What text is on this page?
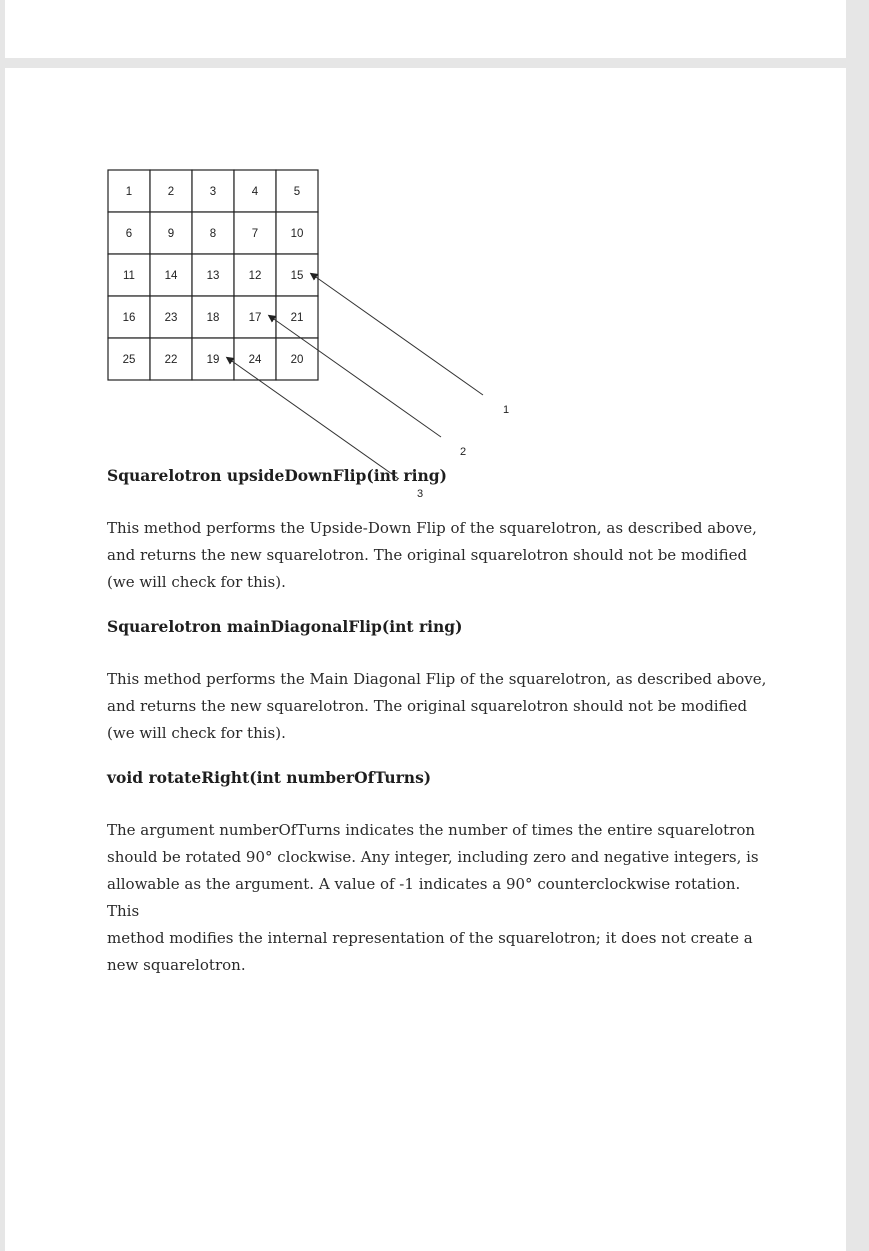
1	2	3	4	5
6	9	8	7	10
11	14	13	12	15
16	23	18	17	21
25	22	19	24	20
1
2
3

Squarelotron upsideDownFlip(int ring)

This method performs the Upside-Down Flip of the squarelotron, as described above,
and returns the new squarelotron. The original squarelotron should not be modified
(we will check for this).

Squarelotron mainDiagonalFlip(int ring)

This method performs the Main Diagonal Flip of the squarelotron, as described above,
and returns the new squarelotron. The original squarelotron should not be modified
(we will check for this).

void rotateRight(int numberOfTurns)

The argument numberOfTurns indicates the number of times the entire squarelotron
should be rotated 90° clockwise. Any integer, including zero and negative integers, is
allowable as the argument. A value of -1 indicates a 90° counterclockwise rotation. This
method modifies the internal representation of the squarelotron; it does not create a
new squarelotron.
